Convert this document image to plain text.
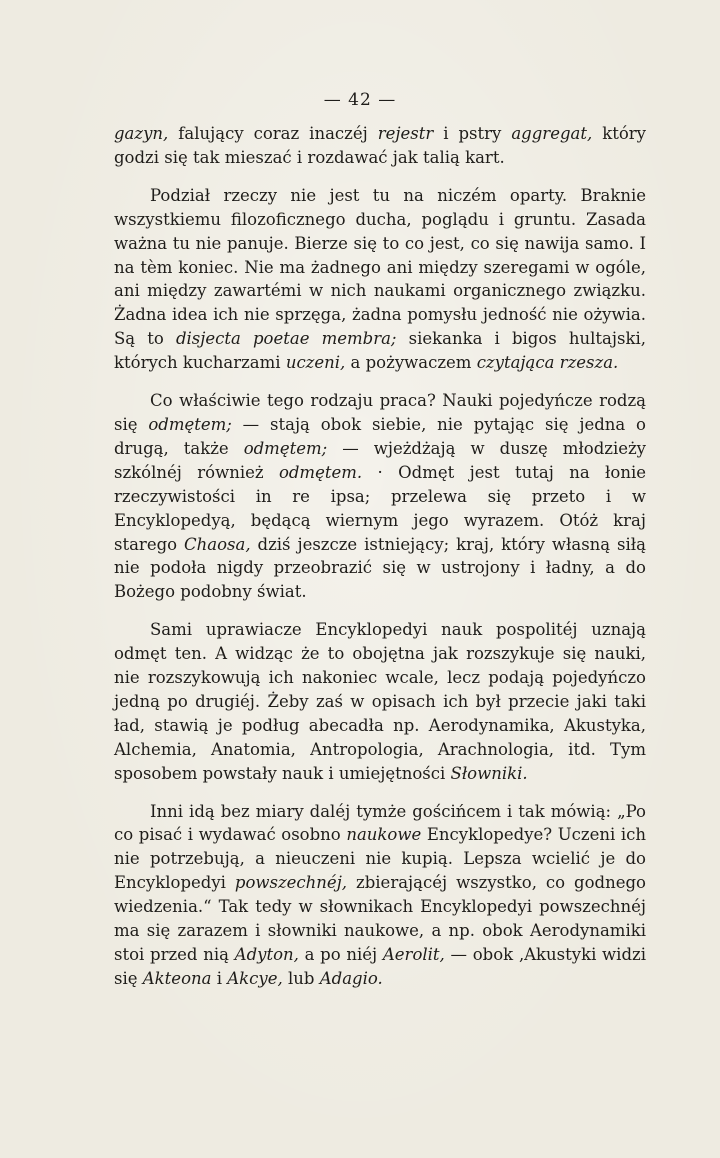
— 42 —

gazyn, falujący coraz inaczéj rejestr i pstry aggregat, który godzi się tak mieszać i rozdawać jak talią kart.

Podział rzeczy nie jest tu na niczém oparty. Braknie wszystkiemu filozoficznego ducha, poglądu i gruntu. Zasada ważna tu nie panuje. Bierze się to co jest, co się nawija samo. I na tèm koniec. Nie ma żadnego ani między szeregami w ogóle, ani między zawartémi w nich naukami organicznego związku. Żadna idea ich nie sprzęga, żadna pomysłu jedność nie ożywia. Są to disjecta poetae membra; siekanka i bigos hultajski, których kucharzami uczeni, a pożywaczem czytająca rzesza.

Co właściwie tego rodzaju praca? Nauki pojedyńcze rodzą się odmętem; — stają obok siebie, nie pytając się jedna o drugą, także odmętem; — wjeżdżają w duszę młodzieży szkólnéj również odmętem. · Odmęt jest tutaj na łonie rzeczywistości in re ipsa; przelewa się przeto i w Encyklopedyą, będącą wiernym jego wyrazem. Otóż kraj starego Chaosa, dziś jeszcze istniejący; kraj, który własną siłą nie podoła nigdy przeobrazić się w ustrojony i ładny, a do Bożego podobny świat.

Sami uprawiacze Encyklopedyi nauk pospolitéj uznają odmęt ten. A widząc że to obojętna jak rozszykuje się nauki, nie rozszykowują ich nakoniec wcale, lecz podają pojedyńczo jedną po drugiéj. Żeby zaś w opisach ich był przecie jaki taki ład, stawią je podług abecadła np. Aerodynamika, Akustyka, Alchemia, Anatomia, Antropologia, Arachnologia, itd. Tym sposobem powstały nauk i umiejętności Słowniki.

Inni idą bez miary daléj tymże gościńcem i tak mówią: „Po co pisać i wydawać osobno naukowe Encyklopedye? Uczeni ich nie potrzebują, a nieuczeni nie kupią. Lepsza wcielić je do Encyklopedyi powszechnéj, zbierającéj wszystko, co godnego wiedzenia.“ Tak tedy w słownikach Encyklopedyi powszechnéj ma się zarazem i słowniki naukowe, a np. obok Aerodynamiki stoi przed nią Adyton, a po niéj Aerolit, — obok ‚Akustyki widzi się Akteona i Akcye, lub Adagio.
